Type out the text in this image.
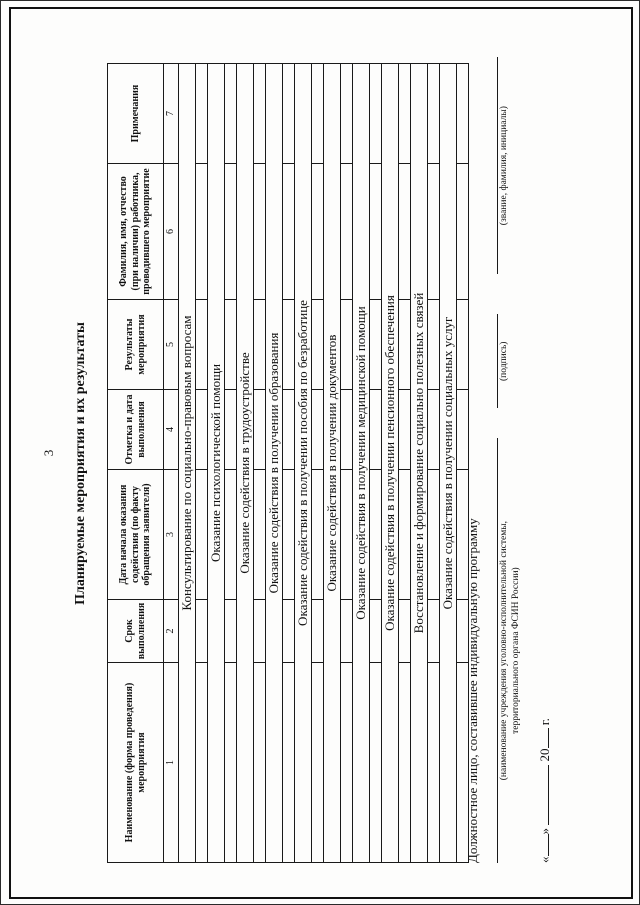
3 Планируемые мероприятия и их результаты
Наименование (форма проведения) мероприятия	Срок выполнения	Дата начала оказания содействия (по факту обращения заявителя)	Отметка и дата выполнения	Результаты мероприятия	Фамилия, имя, отчество (при наличии) работника, проводившего мероприятие	Примечания
1	2	3	4	5	6	7
Консультирование по социально-правовым вопросам						

Оказание психологической помощи						

Оказание содействия в трудоустройстве						

Оказание содействия в получении образования						

Оказание содействия в получении пособия по безработице						

Оказание содействия в получении документов						

Оказание содействия в получении медицинской помощи						

Оказание содействия в получении пенсионного обеспечения						

Восстановление и формирование социально полезных связей						

Оказание содействия в получении социальных услуг						

Должностное лицо, составившее индивидуальную программу (наименование учреждения уголовно-исполнительной системы, территориального органа ФСИН России)
(подпись)
(звание, фамилия, инициалы)
«»  20 г.
